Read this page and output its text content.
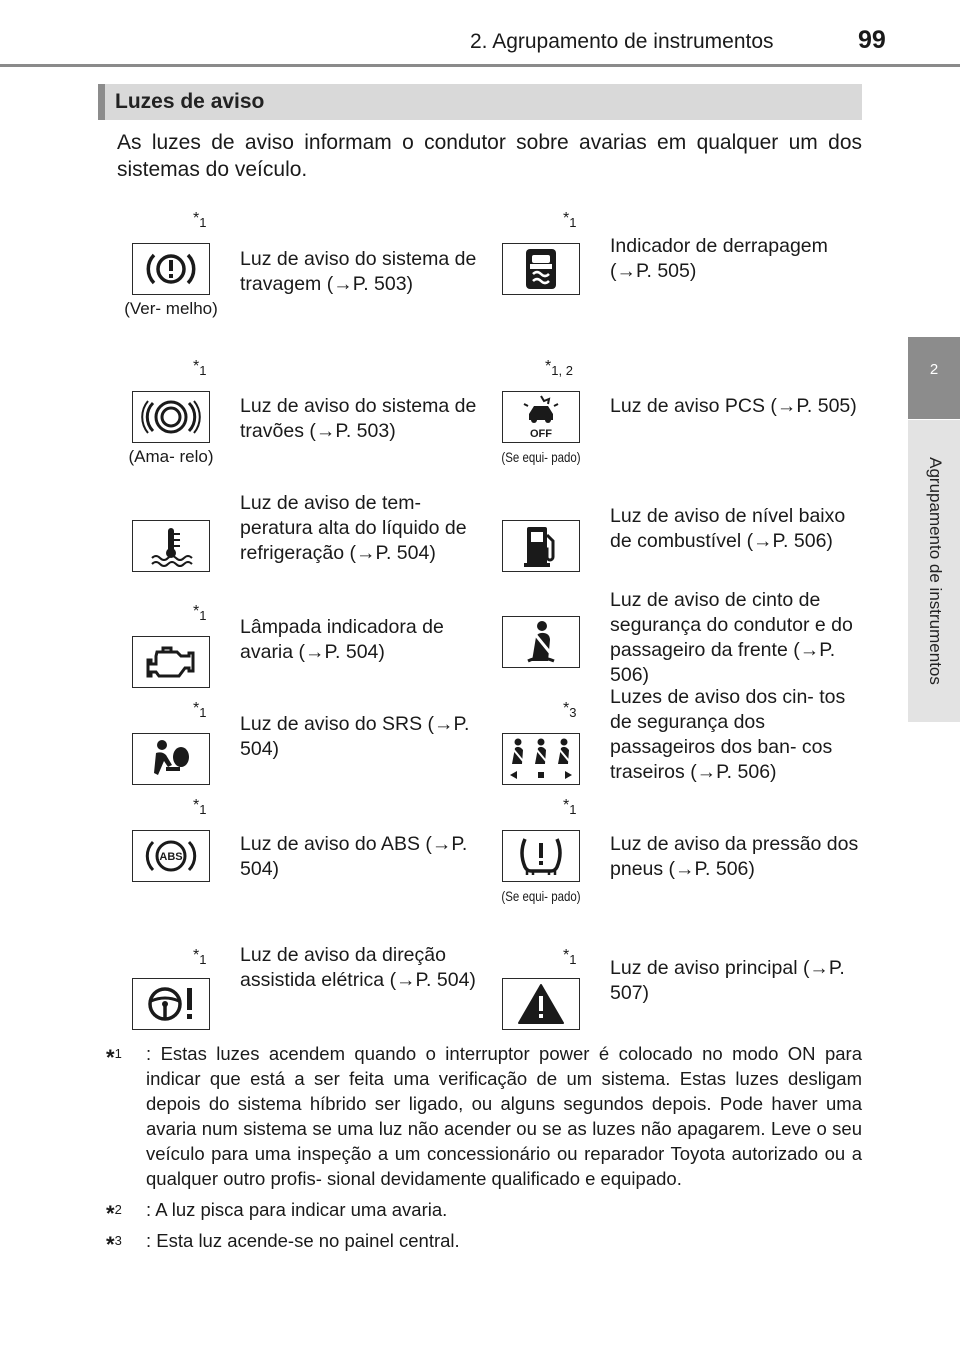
2. Agrupamento de instrumentos	99
2
Agrupamento de instrumentos
Luzes de aviso
As luzes de aviso informam o condutor sobre avarias em qualquer um dos sistemas do veículo.
*$^1$
(Ver- melho)
Luz de aviso do sistema de travagem (→P. 503)
*$^1$
Indicador de derrapagem (→P. 505)
*$^1$
(Ama- relo)
Luz de aviso do sistema de travões (→P. 503)
*$^{1, 2}$
OFF
(Se equi- pado)
Luz de aviso PCS (→P. 505)
Luz de aviso de tem- peratura alta do líquido de refrigeração (→P. 504)
Luz de aviso de nível baixo de combustível (→P. 506)
*$^1$
Lâmpada indicadora de avaria (→P. 504)
Luz de aviso de cinto de segurança do condutor e do passageiro da frente (→P. 506)
*$^1$
Luz de aviso do SRS (→P. 504)
*$^3$
Luzes de aviso dos cin- tos de segurança dos passageiros dos ban- cos traseiros (→P. 506)
*$^1$
ABS
Luz de aviso do ABS (→P. 504)
*$^1$
(Se equi- pado)
Luz de aviso da pressão dos pneus (→P. 506)
*$^1$ Luz de aviso da direção assistida elétrica (→P. 504)
*$^1$ Luz de aviso principal (→P. 507)
*$^1$ : Estas luzes acendem quando o interruptor power é colocado no modo ON para indicar que está a ser feita uma verificação de um sistema. Estas luzes desligam depois do sistema híbrido ser ligado, ou alguns segundos depois. Pode haver uma avaria num sistema se uma luz não acender ou se as luzes não apagarem. Leve o seu veículo para uma inspeção a um concessionário ou reparador Toyota autorizado ou a qualquer outro profis- sional devidamente qualificado e equipado.
*$^2$ : A luz pisca para indicar uma avaria.
*$^3$ : Esta luz acende-se no painel central.
